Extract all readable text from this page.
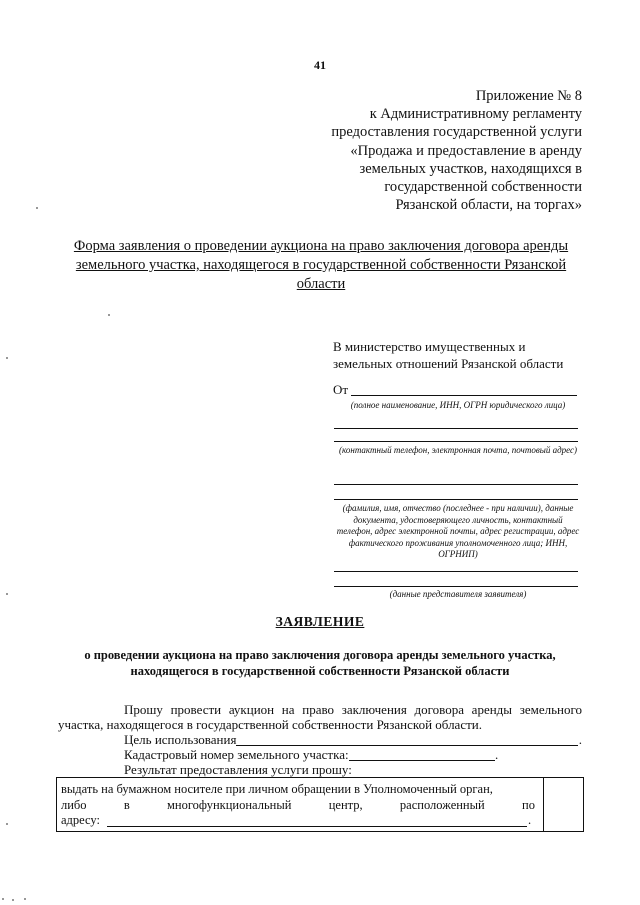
41
Приложение № 8
к Административному регламенту
предоставления государственной услуги
«Продажа и предоставление в аренду
земельных участков, находящихся в
государственной собственности
Рязанской области, на торгах»
Форма заявления о проведении аукциона на право заключения договора аренды земельного участка, находящегося в государственной собственности Рязанской области
В министерство имущественных и
земельных отношений Рязанской области
От
(полное наименование, ИНН, ОГРН юридического лица)
(контактный телефон, электронная почта, почтовый адрес)
(фамилия, имя, отчество (последнее - при наличии), данные документа, удостоверяющего личность, контактный телефон, адрес электронной почты, адрес регистрации, адрес фактического проживания уполномоченного лица; ИНН, ОГРНИП)
(данные представителя заявителя)
ЗАЯВЛЕНИЕ
о проведении аукциона на право заключения договора аренды земельного участка, находящегося в государственной собственности Рязанской области
Прошу провести аукцион на право заключения договора аренды земельного участка, находящегося в государственной собственности Рязанской области.
Цель использования	.
Кадастровый номер земельного участка:	.
Результат предоставления услуги прошу:
выдать на бумажном носителе при личном обращении в Уполномоченный орган,
либо	в	многофункциональный	центр,	расположенный	по
адресу:	.
